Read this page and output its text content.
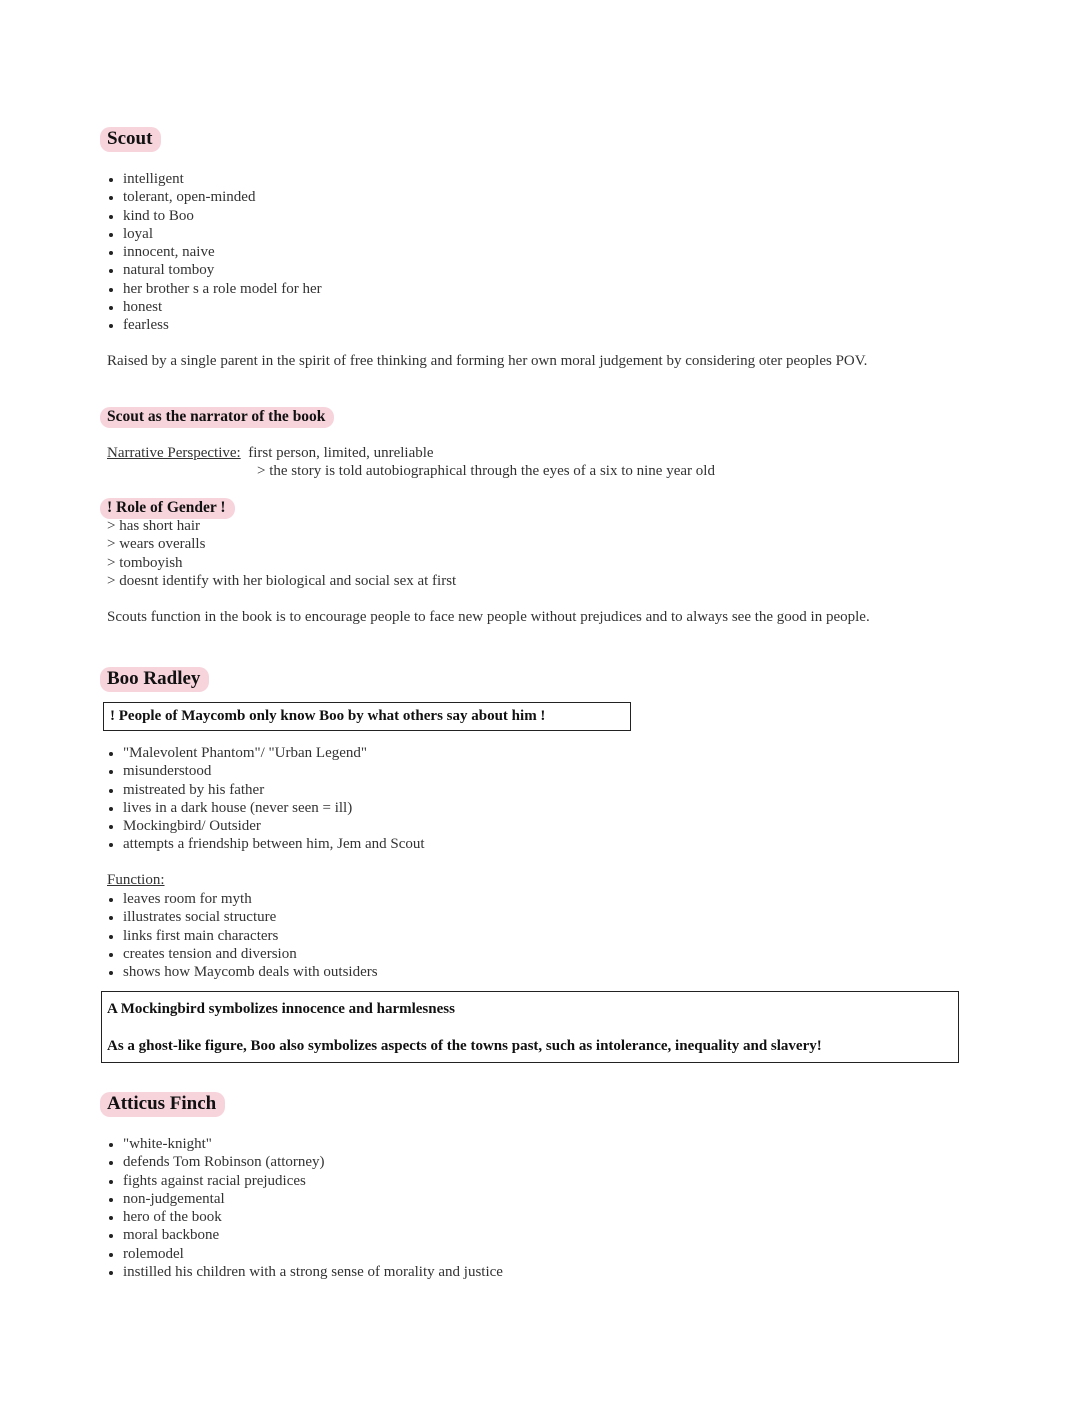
Scout
intelligent
tolerant, open-minded
kind to Boo
loyal
innocent, naive
natural tomboy
her brother s a role model for her
honest
fearless
Raised by a single parent in the spirit of free thinking and forming her own moral judgement by considering oter peoples POV.
Scout as the narrator of the book
Narrative Perspective: first person, limited, unreliable
> the story is told autobiographical through the eyes of a six to nine year old
! Role of Gender !
> has short hair
> wears overalls
> tomboyish
> doesnt identify with her biological and social sex at first
Scouts function in the book is to encourage people to face new people without prejudices and to always see the good in people.
Boo Radley
! People of Maycomb only know Boo by what others say about him !
"Malevolent Phantom"/ "Urban Legend"
misunderstood
mistreated by his father
lives in a dark house (never seen = ill)
Mockingbird/ Outsider
attempts a friendship between him, Jem and Scout
Function:
leaves room for myth
illustrates social structure
links first main characters
creates tension and diversion
shows how Maycomb deals with outsiders
A Mockingbird symbolizes innocence and harmlesness
As a ghost-like figure, Boo also symbolizes aspects of the towns past, such as intolerance, inequality and slavery!
Atticus Finch
"white-knight"
defends Tom Robinson (attorney)
fights against racial prejudices
non-judgemental
hero of the book
moral backbone
rolemodel
instilled his children with a strong sense of morality and justice
